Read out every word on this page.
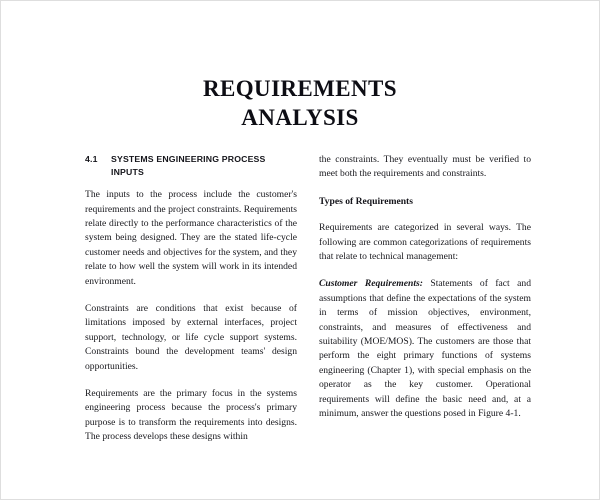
REQUIREMENTS
ANALYSIS
4.1	SYSTEMS ENGINEERING PROCESS INPUTS

The inputs to the process include the customer's requirements and the project constraints. Requirements relate directly to the performance characteristics of the system being designed. They are the stated life-cycle customer needs and objectives for the system, and they relate to how well the system will work in its intended environment.

Constraints are conditions that exist because of limitations imposed by external interfaces, project support, technology, or life cycle support systems. Constraints bound the development teams' design opportunities.

Requirements are the primary focus in the systems engineering process because the process's primary purpose is to transform the requirements into designs. The process develops these designs within

the constraints. They eventually must be verified to meet both the requirements and constraints.

Types of Requirements

Requirements are categorized in several ways. The following are common categorizations of requirements that relate to technical management:

Customer Requirements: Statements of fact and assumptions that define the expectations of the system in terms of mission objectives, environment, constraints, and measures of effectiveness and suitability (MOE/MOS). The customers are those that perform the eight primary functions of systems engineering (Chapter 1), with special emphasis on the operator as the key customer. Operational requirements will define the basic need and, at a minimum, answer the questions posed in Figure 4-1.
